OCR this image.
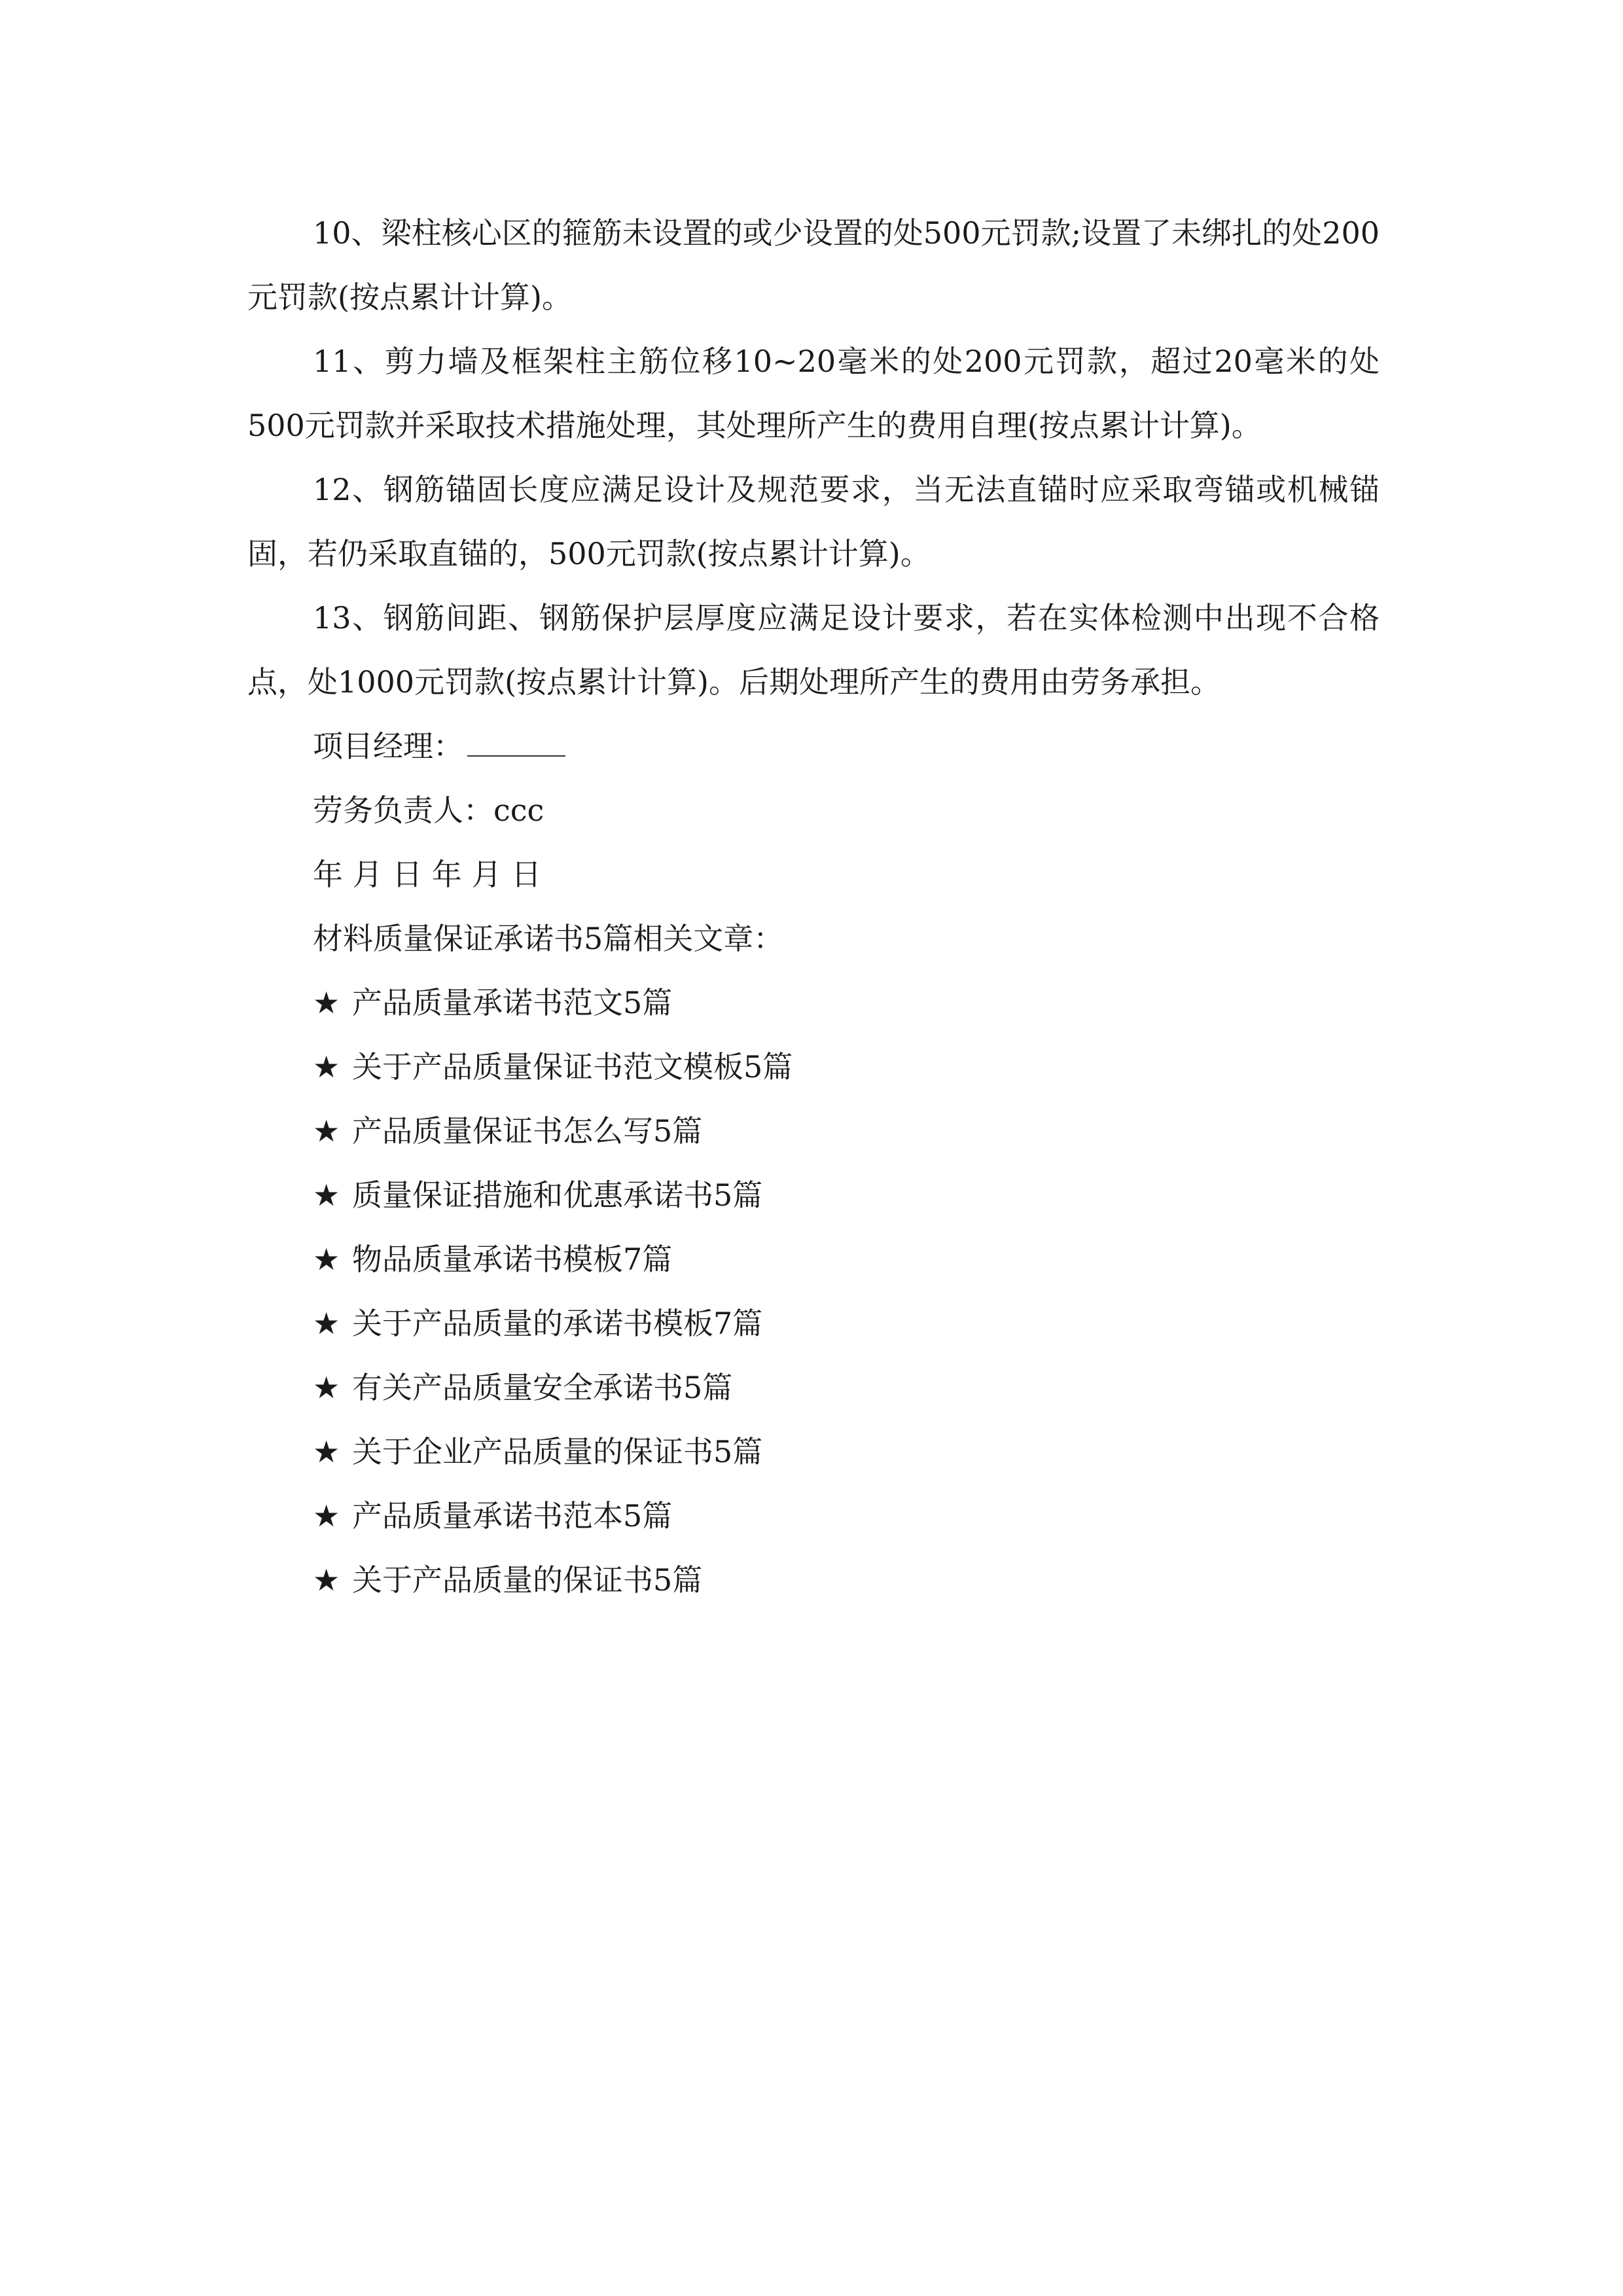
10、梁柱核心区的箍筋未设置的或少设置的处500元罚款;设置了未绑扎的处200元罚款(按点累计计算)。

11、剪力墙及框架柱主筋位移10~20毫米的处200元罚款，超过20毫米的处500元罚款并采取技术措施处理，其处理所产生的费用自理(按点累计计算)。

12、钢筋锚固长度应满足设计及规范要求，当无法直锚时应采取弯锚或机械锚固，若仍采取直锚的，500元罚款(按点累计计算)。

13、钢筋间距、钢筋保护层厚度应满足设计要求，若在实体检测中出现不合格点，处1000元罚款(按点累计计算)。后期处理所产生的费用由劳务承担。

项目经理：

劳务负责人：ccc

年 月 日 年 月 日

材料质量保证承诺书5篇相关文章：

★ 产品质量承诺书范文5篇

★ 关于产品质量保证书范文模板5篇

★ 产品质量保证书怎么写5篇

★ 质量保证措施和优惠承诺书5篇

★ 物品质量承诺书模板7篇

★ 关于产品质量的承诺书模板7篇

★ 有关产品质量安全承诺书5篇

★ 关于企业产品质量的保证书5篇

★ 产品质量承诺书范本5篇

★ 关于产品质量的保证书5篇
